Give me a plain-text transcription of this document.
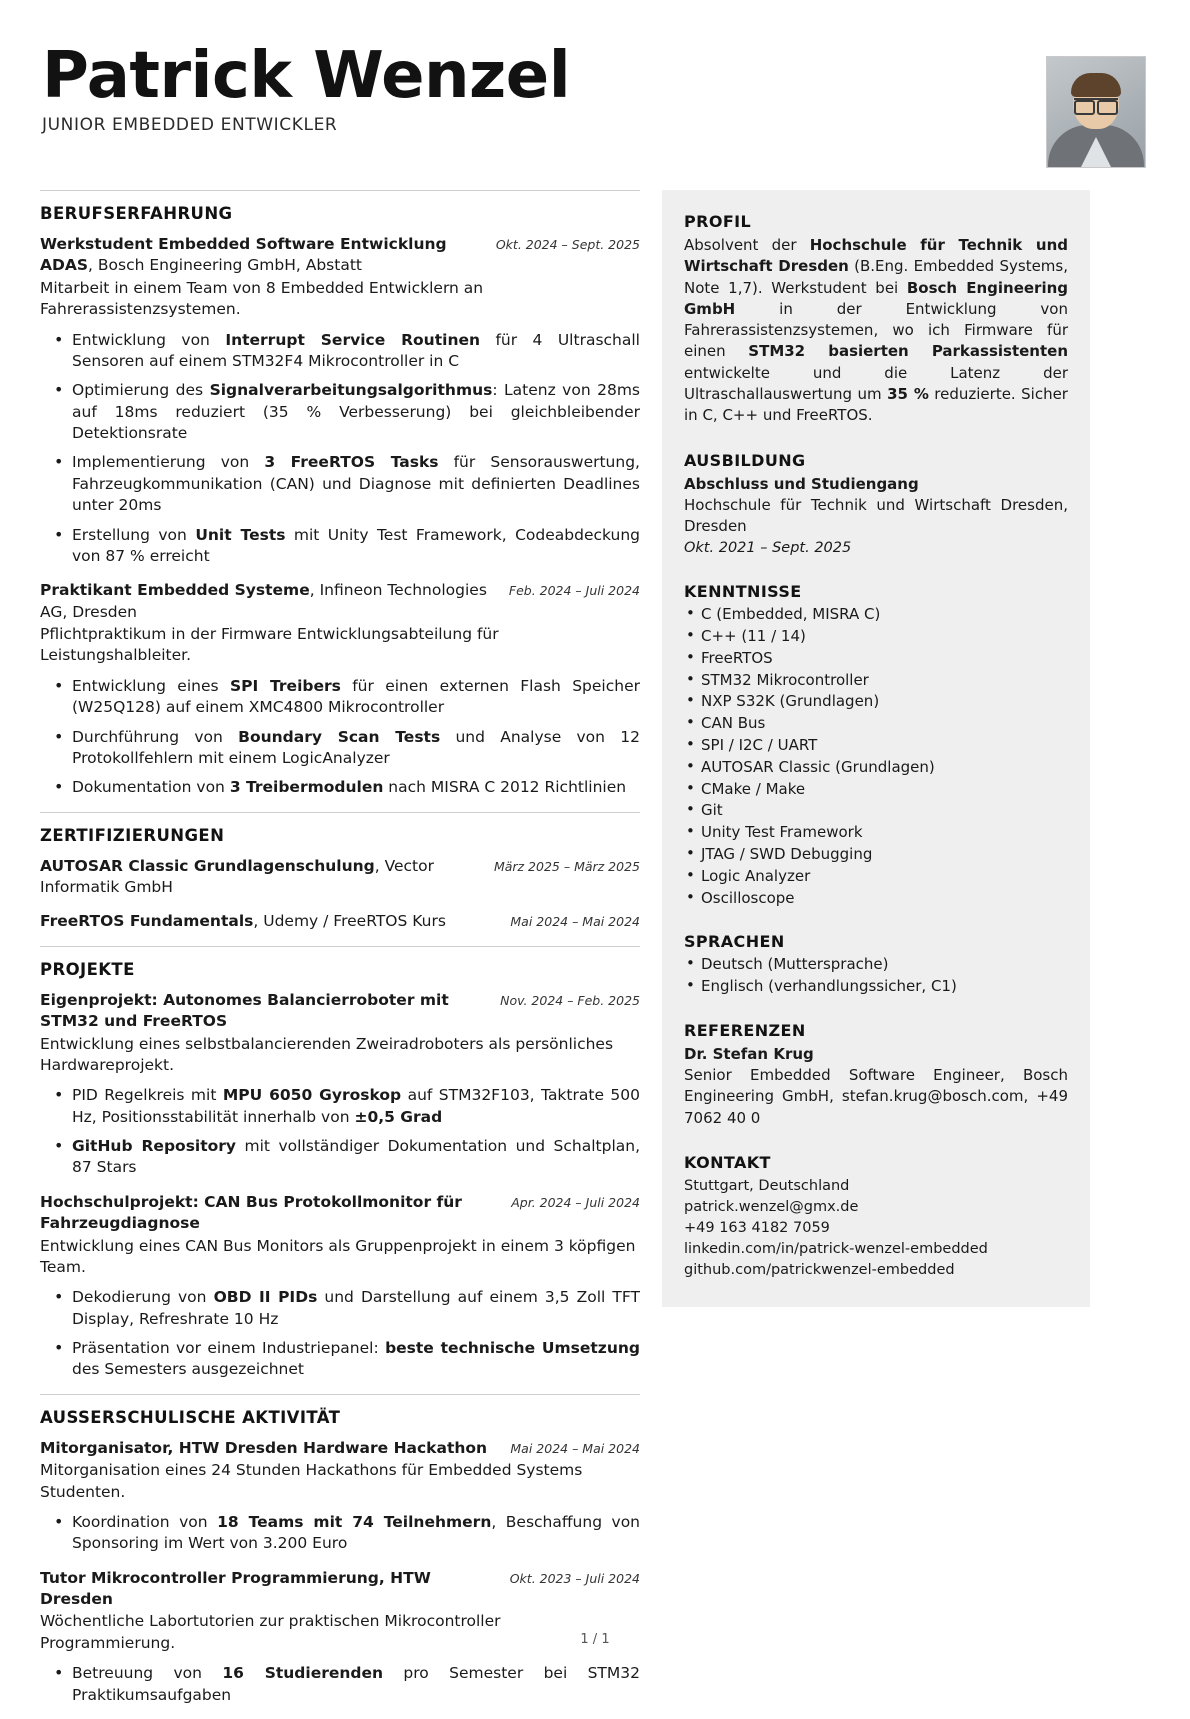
Patrick Wenzel
JUNIOR EMBEDDED ENTWICKLER
BERUFSERFAHRUNG
Werkstudent Embedded Software Entwicklung ADAS, Bosch Engineering GmbH, Abstatt
Okt. 2024 – Sept. 2025
Mitarbeit in einem Team von 8 Embedded Entwicklern an Fahrerassistenzsystemen.
• Entwicklung von Interrupt Service Routinen für 4 Ultraschall Sensoren auf einem STM32F4 Mikrocontroller in C
• Optimierung des Signalverarbeitungsalgorithmus: Latenz von 28ms auf 18ms reduziert (35 % Verbesserung) bei gleichbleibender Detektionsrate
• Implementierung von 3 FreeRTOS Tasks für Sensorauswertung, Fahrzeugkommunikation (CAN) und Diagnose mit definierten Deadlines unter 20ms
• Erstellung von Unit Tests mit Unity Test Framework, Codeabdeckung von 87 % erreicht
Praktikant Embedded Systeme, Infineon Technologies AG, Dresden
Feb. 2024 – Juli 2024
Pflichtpraktikum in der Firmware Entwicklungsabteilung für Leistungshalbleiter.
• Entwicklung eines SPI Treibers für einen externen Flash Speicher (W25Q128) auf einem XMC4800 Mikrocontroller
• Durchführung von Boundary Scan Tests und Analyse von 12 Protokollfehlern mit einem LogicAnalyzer
• Dokumentation von 3 Treibermodulen nach MISRA C 2012 Richtlinien
ZERTIFIZIERUNGEN
AUTOSAR Classic Grundlagenschulung, Vector Informatik GmbH
März 2025 – März 2025
FreeRTOS Fundamentals, Udemy / FreeRTOS Kurs	Mai 2024 – Mai 2024
PROJEKTE
Eigenprojekt: Autonomes Balancierroboter mit STM32 und FreeRTOS
Nov. 2024 – Feb. 2025
Entwicklung eines selbstbalancierenden Zweiradroboters als persönliches Hardwareprojekt.
• PID Regelkreis mit MPU 6050 Gyroskop auf STM32F103, Taktrate 500 Hz, Positionsstabilität innerhalb von ±0,5 Grad
• GitHub Repository mit vollständiger Dokumentation und Schaltplan, 87 Stars
Hochschulprojekt: CAN Bus Protokollmonitor für Fahrzeugdiagnose
Apr. 2024 – Juli 2024
Entwicklung eines CAN Bus Monitors als Gruppenprojekt in einem 3 köpfigen Team.
• Dekodierung von OBD II PIDs und Darstellung auf einem 3,5 Zoll TFT Display, Refreshrate 10 Hz
• Präsentation vor einem Industriepanel: beste technische Umsetzung des Semesters ausgezeichnet
AUSSERSCHULISCHE AKTIVITÄT
Mitorganisator, HTW Dresden Hardware Hackathon	Mai 2024 – Mai 2024
Mitorganisation eines 24 Stunden Hackathons für Embedded Systems Studenten.
• Koordination von 18 Teams mit 74 Teilnehmern, Beschaffung von Sponsoring im Wert von 3.200 Euro
Tutor Mikrocontroller Programmierung, HTW Dresden
Okt. 2023 – Juli 2024
Wöchentliche Labortutorien zur praktischen Mikrocontroller Programmierung.
• Betreuung von 16 Studierenden pro Semester bei STM32 Praktikumsaufgaben
PROFIL
Absolvent der Hochschule für Technik und Wirtschaft Dresden (B.Eng. Embedded Systems, Note 1,7). Werkstudent bei Bosch Engineering GmbH in der Entwicklung von Fahrerassistenzsystemen, wo ich Firmware für einen STM32 basierten Parkassistenten entwickelte und die Latenz der Ultraschallauswertung um 35 % reduzierte. Sicher in C, C++ und FreeRTOS.
AUSBILDUNG
Abschluss und Studiengang
Hochschule für Technik und Wirtschaft Dresden, Dresden
Okt. 2021 – Sept. 2025
KENNTNISSE
• C (Embedded, MISRA C)
• C++ (11 / 14)
• FreeRTOS
• STM32 Mikrocontroller
• NXP S32K (Grundlagen)
• CAN Bus
• SPI / I2C / UART
• AUTOSAR Classic (Grundlagen)
• CMake / Make
• Git
• Unity Test Framework
• JTAG / SWD Debugging
• Logic Analyzer
• Oscilloscope
SPRACHEN
• Deutsch (Muttersprache)
• Englisch (verhandlungssicher, C1)
REFERENZEN
Dr. Stefan Krug
Senior Embedded Software Engineer, Bosch Engineering GmbH, stefan.krug@bosch.com, +49 7062 40 0
KONTAKT
Stuttgart, Deutschland
patrick.wenzel@gmx.de
+49 163 4182 7059
linkedin.com/in/patrick-wenzel-embedded
github.com/patrickwenzel-embedded
1 / 1
